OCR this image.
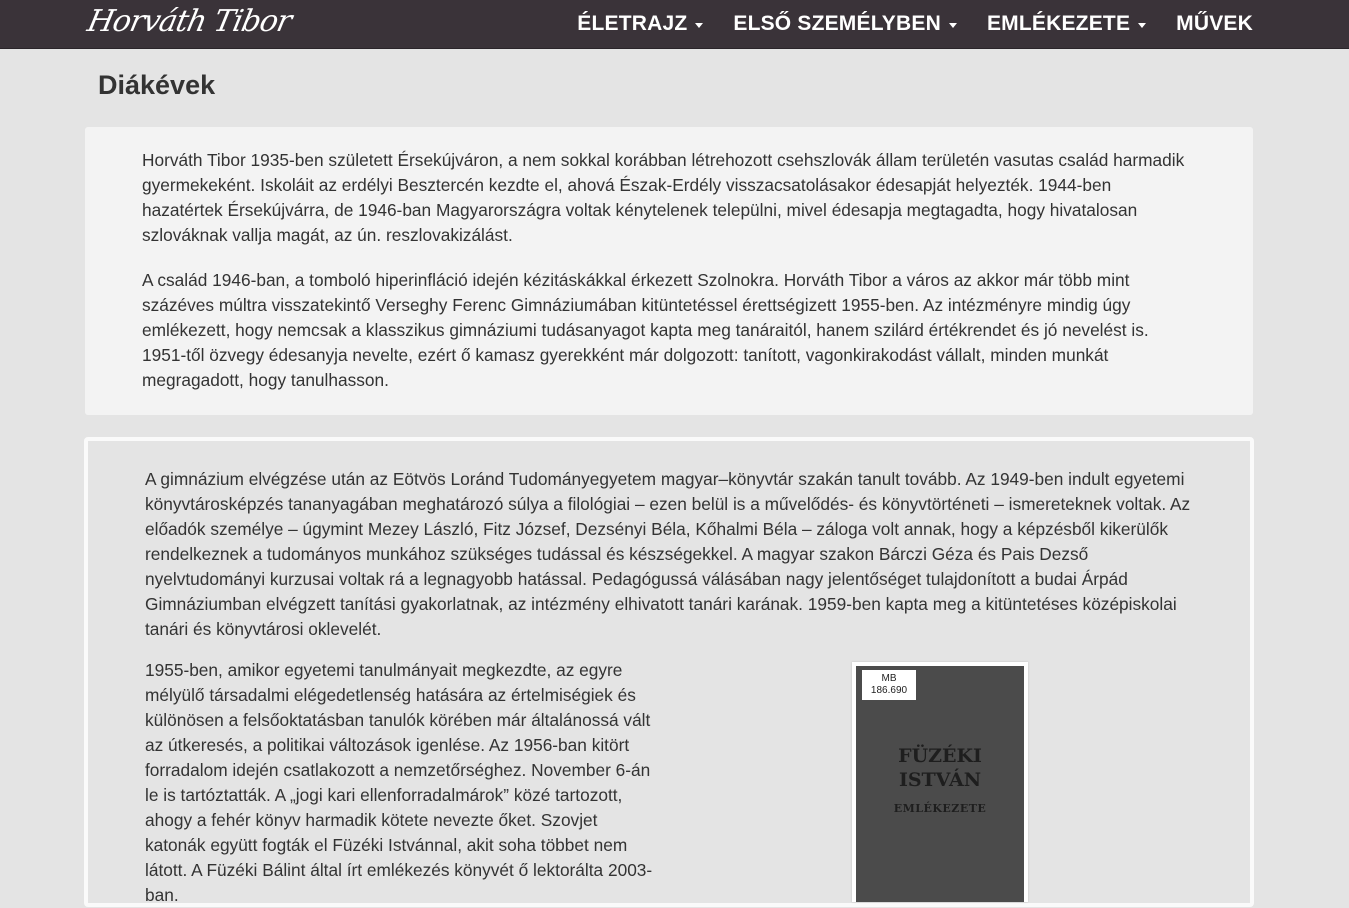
Horváth Tibor	ÉLETRAJZ ELSŐ SZEMÉLYBEN EMLÉKEZETE MŰVEK
Diákévek

Horváth Tibor 1935-ben született Érsekújváron, a nem sokkal korábban létrehozott csehszlovák állam területén vasutas család harmadik gyermekeként. Iskoláit az erdélyi Besztercén kezdte el, ahová Észak-Erdély visszacsatolásakor édesapját helyezték. 1944-ben hazatértek Érsekújvárra, de 1946-ban Magyarországra voltak kénytelenek települni, mivel édesapja megtagadta, hogy hivatalosan szlováknak vallja magát, az ún. reszlovakizálást.

A család 1946-ban, a tomboló hiperinfláció idején kézitáskákkal érkezett Szolnokra. Horváth Tibor a város az akkor már több mint százéves múltra visszatekintő Verseghy Ferenc Gimnáziumában kitüntetéssel érettségizett 1955-ben. Az intézményre mindig úgy emlékezett, hogy nemcsak a klasszikus gimnáziumi tudásanyagot kapta meg tanáraitól, hanem szilárd értékrendet és jó nevelést is. 1951-től özvegy édesanyja nevelte, ezért ő kamasz gyerekként már dolgozott: tanított, vagonkirakodást vállalt, minden munkát megragadott, hogy tanulhasson.

A gimnázium elvégzése után az Eötvös Loránd Tudományegyetem magyar–könyvtár szakán tanult tovább. Az 1949-ben indult egyetemi könyvtárosképzés tananyagában meghatározó súlya a filológiai – ezen belül is a művelődés- és könyvtörténeti – ismereteknek voltak. Az előadók személye – úgymint Mezey László, Fitz József, Dezsényi Béla, Kőhalmi Béla – záloga volt annak, hogy a képzésből kikerülők rendelkeznek a tudományos munkához szükséges tudással és készségekkel. A magyar szakon Bárczi Géza és Pais Dezső nyelvtudományi kurzusai voltak rá a legnagyobb hatással. Pedagógussá válásában nagy jelentőséget tulajdonított a budai Árpád Gimnáziumban elvégzett tanítási gyakorlatnak, az intézmény elhivatott tanári karának. 1959-ben kapta meg a kitüntetéses középiskolai tanári és könyvtárosi oklevelét.

1955-ben, amikor egyetemi tanulmányait megkezdte, az egyre mélyülő társadalmi elégedetlenség hatására az értelmiségiek és különösen a felsőoktatásban tanulók körében már általánossá vált az útkeresés, a politikai változások igenlése. Az 1956-ban kitört forradalom idején csatlakozott a nemzetőrséghez. November 6-án le is tartóztatták. A „jogi kari ellenforradalmárok” közé tartozott, ahogy a fehér könyv harmadik kötete nevezte őket. Szovjet katonák együtt fogták el Füzéki Istvánnal, akit soha többet nem látott. A Füzéki Bálint által írt emlékezés könyvét ő lektorálta 2003-ban.

MB
186.690
FÜZÉKI
ISTVÁN
EMLÉKEZETE
